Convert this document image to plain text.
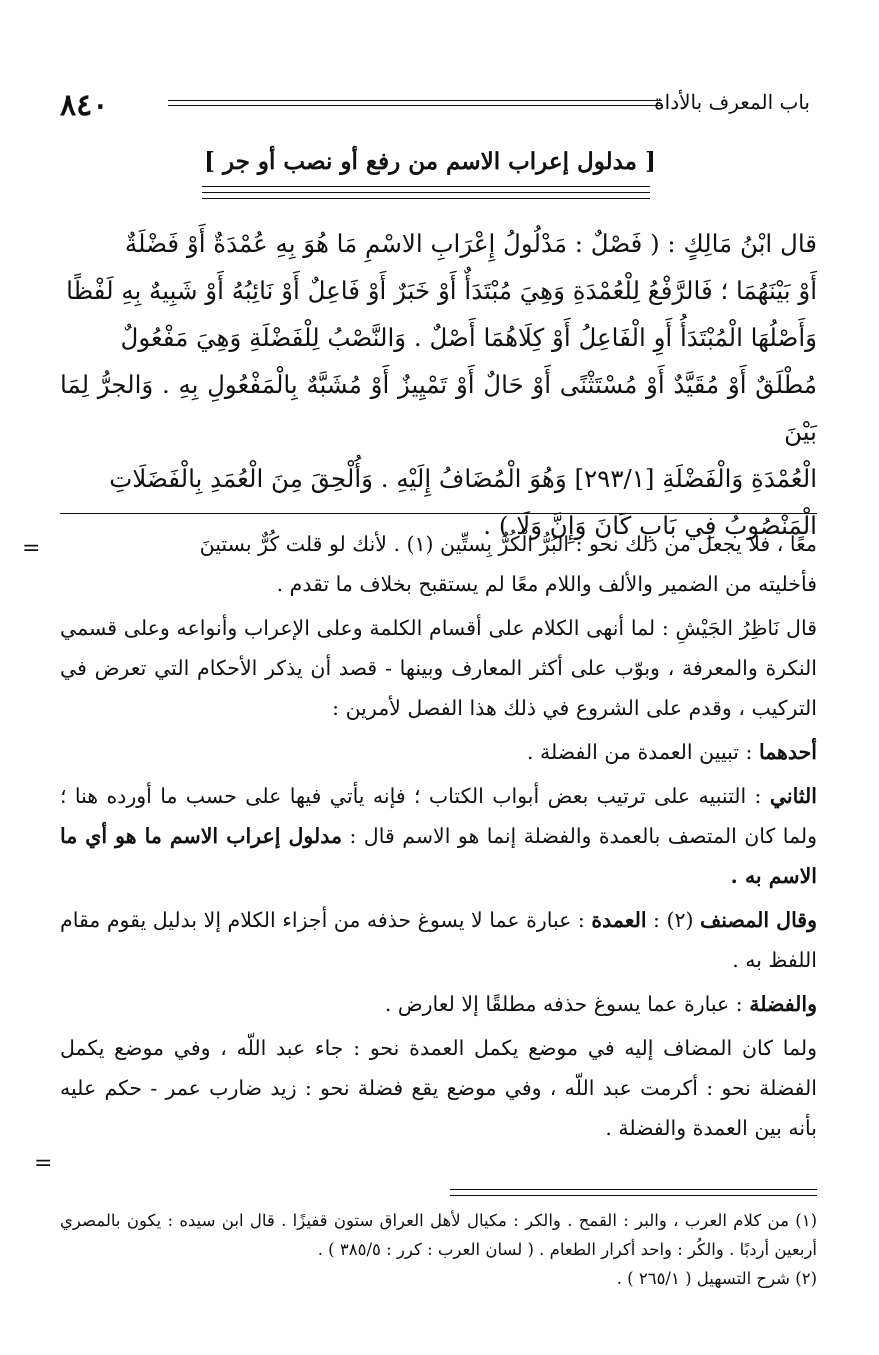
٨٤٠	باب المعرف بالأداة
[ مدلول إعراب الاسم من رفع أو نصب أو جر ]

قال ابْنُ مَالِكٍ : ( فَصْلٌ : مَدْلُولُ إِعْرَابِ الاسْمِ مَا هُوَ بِهِ عُمْدَةٌ أَوْ فَضْلَةٌ

أَوْ بَيْنَهُمَا ؛ فَالرَّفْعُ لِلْعُمْدَةِ وَهِيَ مُبْتَدَأٌ أَوْ خَبَرٌ أَوْ فَاعِلٌ أَوْ نَائِبُهُ أَوْ شَبِيهٌ بِهِ لَفْظًا

وَأَصْلُهَا الْمُبْتَدَأُ أَوِ الْفَاعِلُ أَوْ كِلَاهُمَا أَصْلٌ . وَالنَّصْبُ لِلْفَضْلَةِ وَهِيَ مَفْعُولٌ

مُطْلَقٌ أَوْ مُقَيَّدٌ أَوْ مُسْتَثْنًى أَوْ حَالٌ أَوْ تَمْيِيزٌ أَوْ مُشَبَّهٌ بِالْمَفْعُولِ بِهِ . وَالجرُّ لِمَا بَيْنَ

الْعُمْدَةِ وَالْفَضْلَةِ [٢٩٣/١] وَهُوَ الْمُضَافُ إِلَيْهِ . وَأُلْحِقَ مِنَ الْعُمَدِ بِالْفَضَلَاتِ

الْمَنْصُوبُ فِي بَابِ كَانَ وَإِنَّ وَلَا ) .

=	معًا ، فلا يجعل من ذلك نحو : البُرُّ الْكُرُّ بِستِّين (١) . لأنك لو قلت كُرٌّ بستينَ

فأخليته من الضمير والألف واللام معًا لم يستقبح بخلاف ما تقدم .

قال نَاظِرُ الجَيْشِ : لما أنهى الكلام على أقسام الكلمة وعلى الإعراب وأنواعه وعلى قسمي النكرة والمعرفة ، وبوّب على أكثر المعارف وبينها - قصد أن يذكر الأحكام التي تعرض في التركيب ، وقدم على الشروع في ذلك هذا الفصل لأمرين :

أحدهما : تبيين العمدة من الفضلة .

الثاني : التنبيه على ترتيب بعض أبواب الكتاب ؛ فإنه يأتي فيها على حسب ما أورده هنا ؛ ولما كان المتصف بالعمدة والفضلة إنما هو الاسم قال : مدلول إعراب الاسم ما هو أي ما الاسم به .

وقال المصنف (٢) : العمدة : عبارة عما لا يسوغ حذفه من أجزاء الكلام إلا بدليل يقوم مقام اللفظ به .

والفضلة : عبارة عما يسوغ حذفه مطلقًا إلا لعارض .

ولما كان المضاف إليه في موضع يكمل العمدة نحو : جاء عبد اللّه ، وفي موضع يكمل الفضلة نحو : أكرمت عبد اللّه ، وفي موضع يقع فضلة نحو : زيد ضارب عمر - حكم عليه بأنه بين العمدة والفضلة .

=

(١) من كلام العرب ، والبر : القمح . والكر : مكيال لأهل العراق ستون قفيزًا . قال ابن سيده : يكون بالمصري أربعين أردبًا . والكُر : واحد أكرار الطعام . ( لسان العرب : كرر : ٣٨٥/٥ ) .

(٢) شرح التسهيل ( ٢٦٥/١ ) .
